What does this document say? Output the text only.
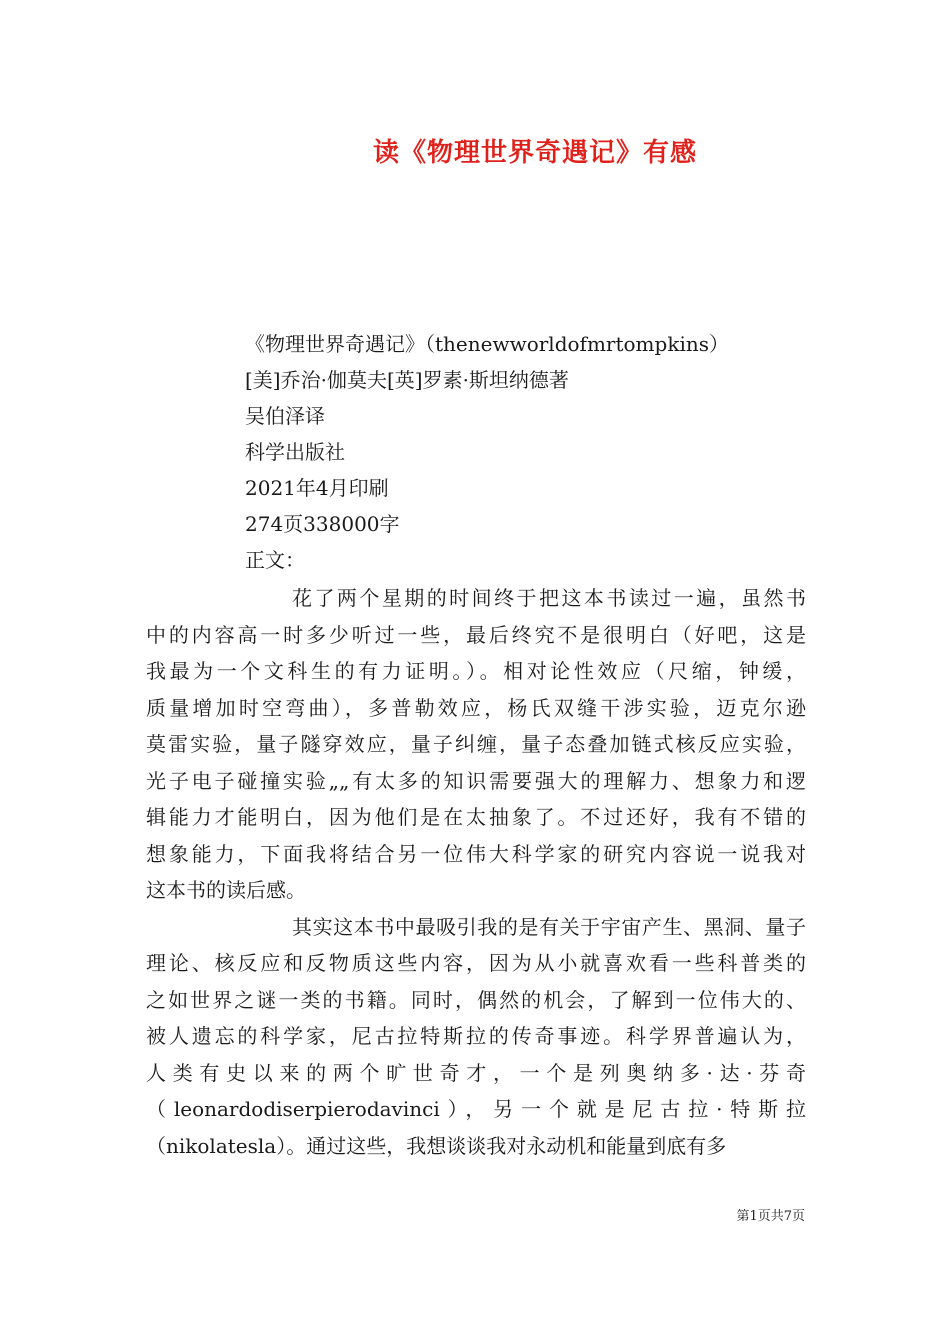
读《物理世界奇遇记》有感
《物理世界奇遇记》（thenewworldofmrtompkins）
[美]乔治·伽莫夫[英]罗素·斯坦纳德著
吴伯泽译
科学出版社
2021年4月印刷
274页338000字
正文：
花了两个星期的时间终于把这本书读过一遍，虽然书
中的内容高一时多少听过一些，最后终究不是很明白（好吧，这是
我最为一个文科生的有力证明。）。相对论性效应（尺缩，钟缓，
质量增加时空弯曲），多普勒效应，杨氏双缝干涉实验，迈克尔逊
莫雷实验，量子隧穿效应，量子纠缠，量子态叠加链式核反应实验，
光子电子碰撞实验„„有太多的知识需要强大的理解力、想象力和逻
辑能力才能明白，因为他们是在太抽象了。不过还好，我有不错的
想象能力，下面我将结合另一位伟大科学家的研究内容说一说我对
这本书的读后感。
其实这本书中最吸引我的是有关于宇宙产生、黑洞、量子
理论、核反应和反物质这些内容，因为从小就喜欢看一些科普类的
之如世界之谜一类的书籍。同时，偶然的机会，了解到一位伟大的、
被人遗忘的科学家，尼古拉特斯拉的传奇事迹。科学界普遍认为，
人类有史以来的两个旷世奇才，一个是列奥纳多·达·芬奇
（leonardodiserpierodavinci），另一个就是尼古拉·特斯拉
（nikolatesla）。通过这些，我想谈谈我对永动机和能量到底有多
第1页共7页
